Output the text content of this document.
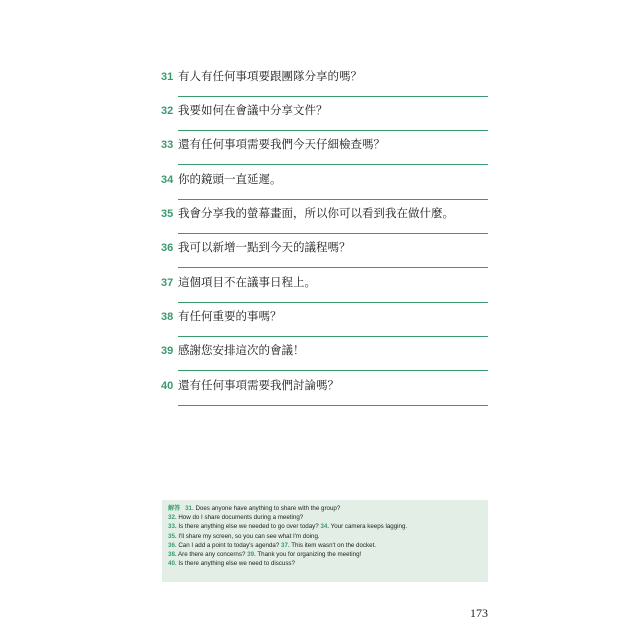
31 有人有任何事項要跟團隊分享的嗎？
32 我要如何在會議中分享文件？
33 還有任何事項需要我們今天仔細檢查嗎？
34 你的鏡頭一直延遲。
35 我會分享我的螢幕畫面，所以你可以看到我在做什麼。
36 我可以新增一點到今天的議程嗎？
37 這個項目不在議事日程上。
38 有任何重要的事嗎？
39 感謝您安排這次的會議！
40 還有任何事項需要我們討論嗎？
解答 31. Does anyone have anything to share with the group?
32. How do I share documents during a meeting?
33. Is there anything else we needed to go over today? 34. Your camera keeps lagging.
35. I'll share my screen, so you can see what I'm doing.
36. Can I add a point to today's agenda? 37. This item wasn't on the docket.
38. Are there any concerns? 39. Thank you for organizing the meeting!
40. Is there anything else we need to discuss?
173
